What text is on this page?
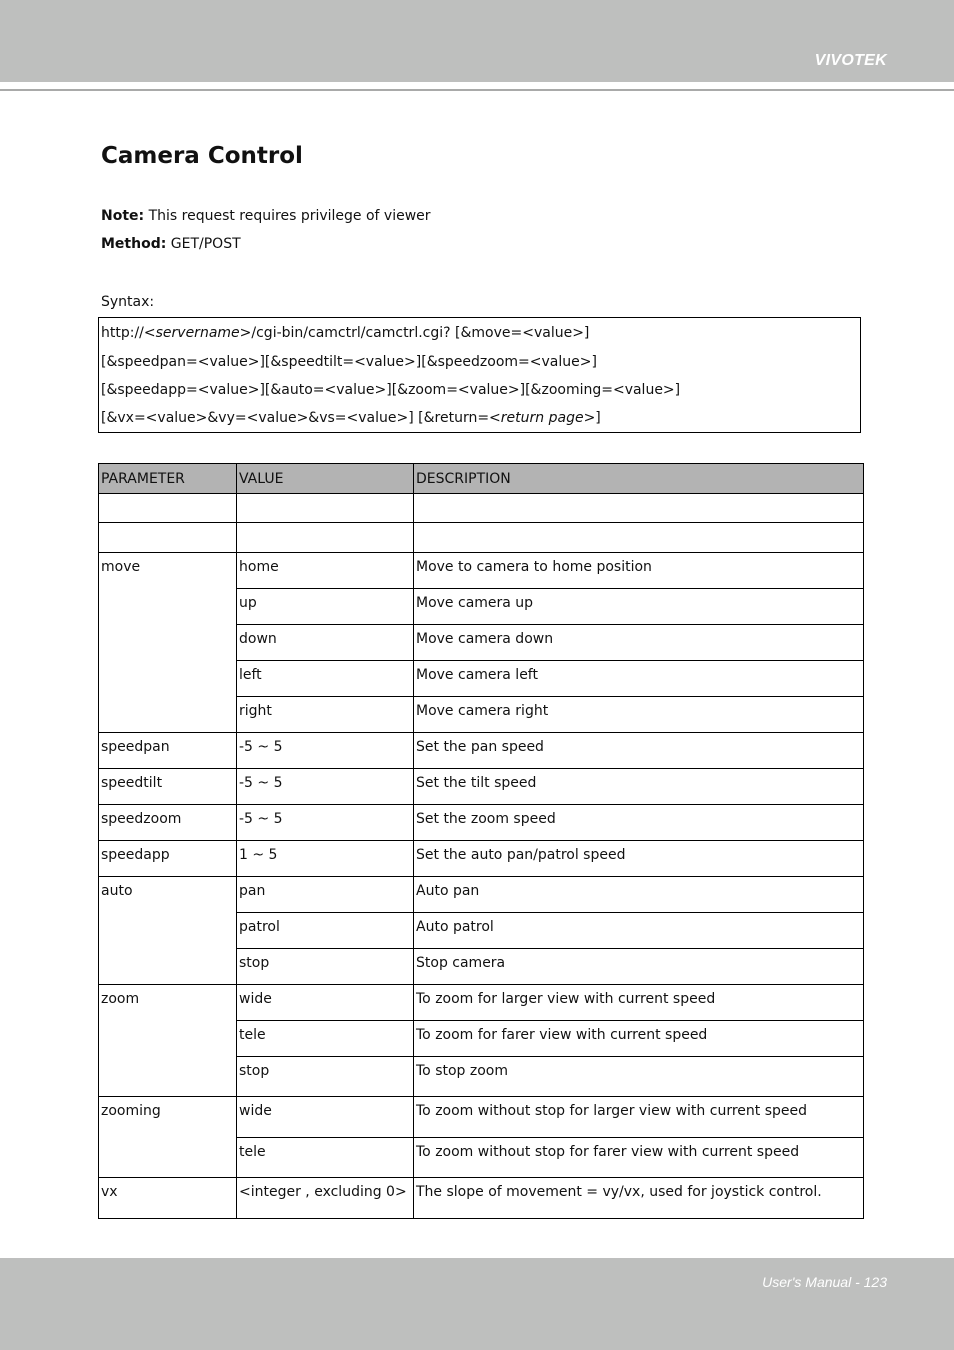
VIVOTEK
Camera Control
Note: This request requires privilege of viewer
Method: GET/POST
Syntax:
http://<servername>/cgi-bin/camctrl/camctrl.cgi? [&move=<value>]
[&speedpan=<value>][&speedtilt=<value>][&speedzoom=<value>]
[&speedapp=<value>][&auto=<value>][&zoom=<value>][&zooming=<value>]
[&vx=<value>&vy=<value>&vs=<value>] [&return=<return page>]
PARAMETER	VALUE	DESCRIPTION

move	home	Move to camera to home position
	up	Move camera up
	down	Move camera down
	left	Move camera left
	right	Move camera right
speedpan	-5 ~ 5	Set the pan speed
speedtilt	-5 ~ 5	Set the tilt speed
speedzoom	-5 ~ 5	Set the zoom speed
speedapp	1 ~ 5	Set the auto pan/patrol speed
auto	pan	Auto pan
	patrol	Auto patrol
	stop	Stop camera
zoom	wide	To zoom for larger view with current speed
	tele	To zoom for farer view with current speed
	stop	To stop zoom
zooming	wide	To zoom without stop for larger view with current speed
	tele	To zoom without stop for farer view with current speed
vx	<integer , excluding 0>	The slope of movement = vy/vx, used for joystick control.
User's Manual - 123
